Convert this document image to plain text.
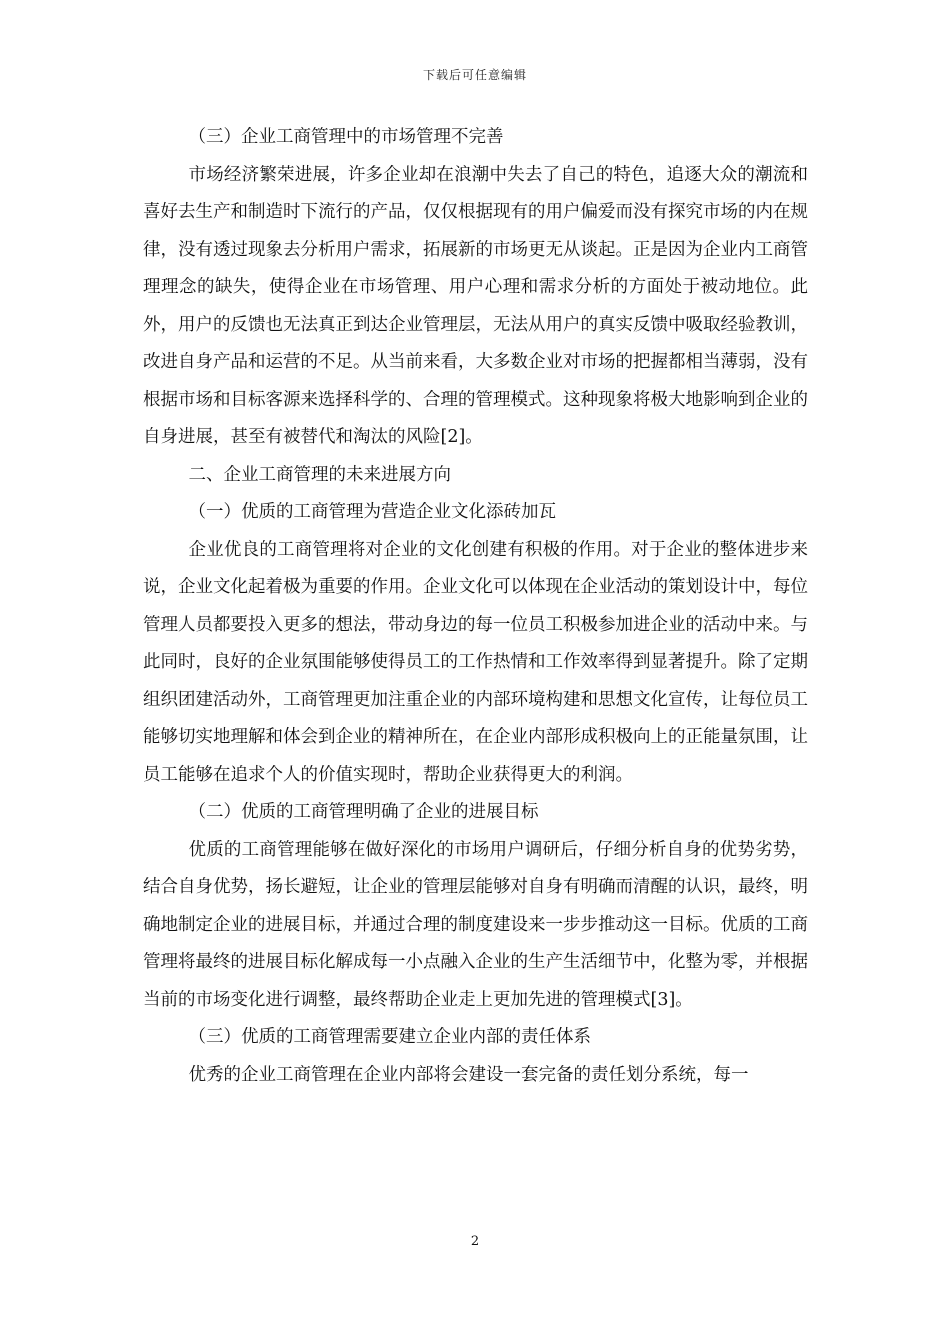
下载后可任意编辑

（三）企业工商管理中的市场管理不完善

市场经济繁荣进展，许多企业却在浪潮中失去了自己的特色，追逐大众的潮流和喜好去生产和制造时下流行的产品，仅仅根据现有的用户偏爱而没有探究市场的内在规律，没有透过现象去分析用户需求，拓展新的市场更无从谈起。正是因为企业内工商管理理念的缺失，使得企业在市场管理、用户心理和需求分析的方面处于被动地位。此外，用户的反馈也无法真正到达企业管理层，无法从用户的真实反馈中吸取经验教训，改进自身产品和运营的不足。从当前来看，大多数企业对市场的把握都相当薄弱，没有根据市场和目标客源来选择科学的、合理的管理模式。这种现象将极大地影响到企业的自身进展，甚至有被替代和淘汰的风险[2]。

二、企业工商管理的未来进展方向

（一）优质的工商管理为营造企业文化添砖加瓦

企业优良的工商管理将对企业的文化创建有积极的作用。对于企业的整体进步来说，企业文化起着极为重要的作用。企业文化可以体现在企业活动的策划设计中，每位管理人员都要投入更多的想法，带动身边的每一位员工积极参加进企业的活动中来。与此同时，良好的企业氛围能够使得员工的工作热情和工作效率得到显著提升。除了定期组织团建活动外，工商管理更加注重企业的内部环境构建和思想文化宣传，让每位员工能够切实地理解和体会到企业的精神所在，在企业内部形成积极向上的正能量氛围，让员工能够在追求个人的价值实现时，帮助企业获得更大的利润。

（二）优质的工商管理明确了企业的进展目标

优质的工商管理能够在做好深化的市场用户调研后，仔细分析自身的优势劣势，结合自身优势，扬长避短，让企业的管理层能够对自身有明确而清醒的认识，最终，明确地制定企业的进展目标，并通过合理的制度建设来一步步推动这一目标。优质的工商管理将最终的进展目标化解成每一小点融入企业的生产生活细节中，化整为零，并根据当前的市场变化进行调整，最终帮助企业走上更加先进的管理模式[3]。

（三）优质的工商管理需要建立企业内部的责任体系

优秀的企业工商管理在企业内部将会建设一套完备的责任划分系统，每一

2
